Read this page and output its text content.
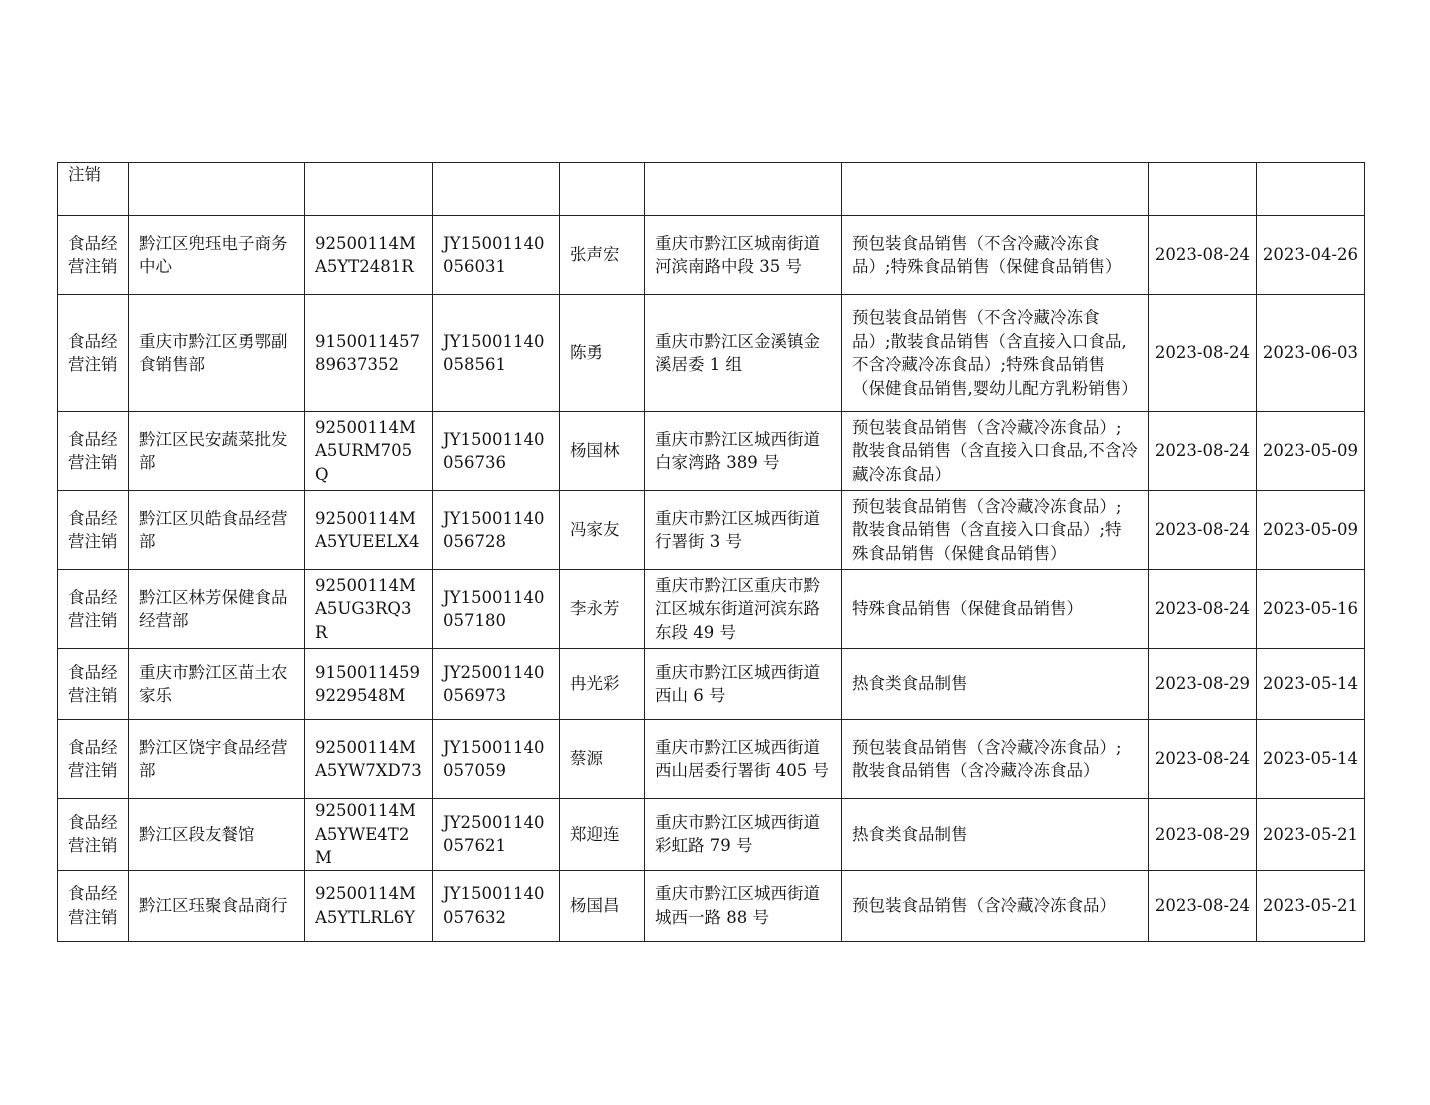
注销								
食品经营注销	黔江区兜珏电子商务中心	92500114MA5YT2481R	JY15001140056031	张声宏	重庆市黔江区城南街道河滨南路中段 35 号	预包装食品销售（不含冷藏冷冻食品）;特殊食品销售（保健食品销售）	2023-08-24	2023-04-26
食品经营注销	重庆市黔江区勇鄂副食销售部	915001145789637352	JY15001140058561	陈勇	重庆市黔江区金溪镇金溪居委 1 组	预包装食品销售（不含冷藏冷冻食品）;散装食品销售（含直接入口食品,不含冷藏冷冻食品）;特殊食品销售（保健食品销售,婴幼儿配方乳粉销售）	2023-08-24	2023-06-03
食品经营注销	黔江区民安蔬菜批发部	92500114MA5URM705Q	JY15001140056736	杨国林	重庆市黔江区城西街道白家湾路 389 号	预包装食品销售（含冷藏冷冻食品）;散装食品销售（含直接入口食品,不含冷藏冷冻食品）	2023-08-24	2023-05-09
食品经营注销	黔江区贝皓食品经营部	92500114MA5YUEELX4	JY15001140056728	冯家友	重庆市黔江区城西街道行署街 3 号	预包装食品销售（含冷藏冷冻食品）;散装食品销售（含直接入口食品）;特殊食品销售（保健食品销售）	2023-08-24	2023-05-09
食品经营注销	黔江区林芳保健食品经营部	92500114MA5UG3RQ3R	JY15001140057180	李永芳	重庆市黔江区重庆市黔江区城东街道河滨东路东段 49 号	特殊食品销售（保健食品销售）	2023-08-24	2023-05-16
食品经营注销	重庆市黔江区苗土农家乐	91500114599229548M	JY25001140056973	冉光彩	重庆市黔江区城西街道西山 6 号	热食类食品制售	2023-08-29	2023-05-14
食品经营注销	黔江区饶宇食品经营部	92500114MA5YW7XD73	JY15001140057059	蔡源	重庆市黔江区城西街道西山居委行署街 405 号	预包装食品销售（含冷藏冷冻食品）;散装食品销售（含冷藏冷冻食品）	2023-08-24	2023-05-14
食品经营注销	黔江区段友餐馆	92500114MA5YWE4T2M	JY25001140057621	郑迎连	重庆市黔江区城西街道彩虹路 79 号	热食类食品制售	2023-08-29	2023-05-21
食品经营注销	黔江区珏聚食品商行	92500114MA5YTLRL6Y	JY15001140057632	杨国昌	重庆市黔江区城西街道城西一路 88 号	预包装食品销售（含冷藏冷冻食品）	2023-08-24	2023-05-21
